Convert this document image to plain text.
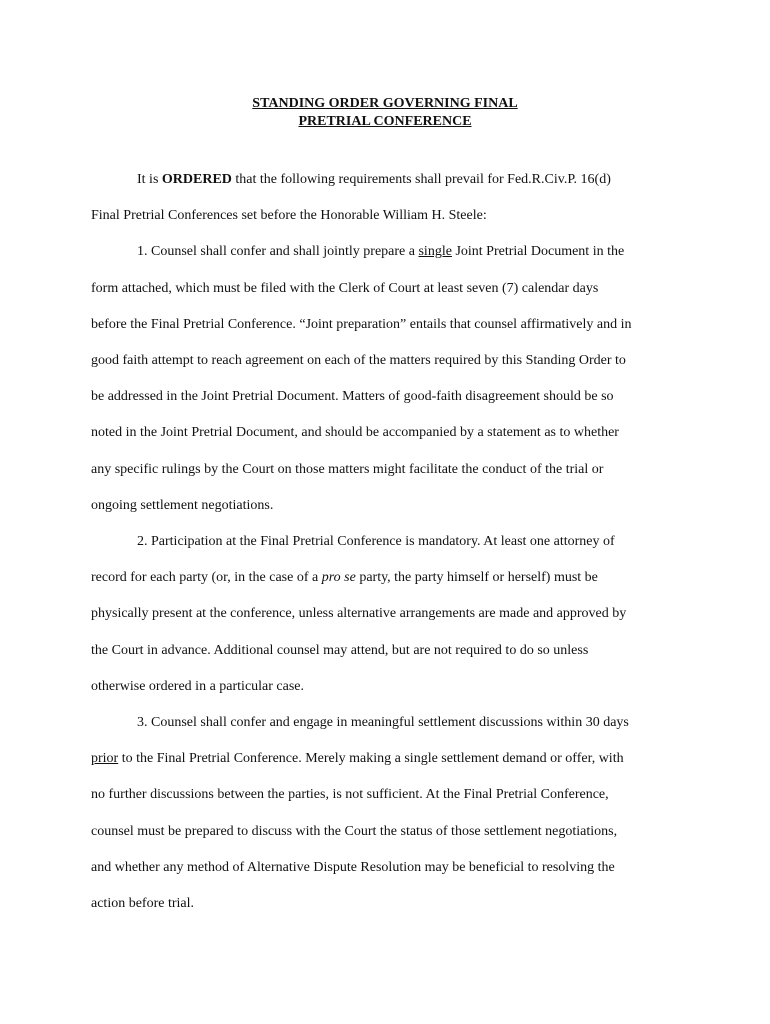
STANDING ORDER GOVERNING FINAL
PRETRIAL CONFERENCE
It is ORDERED that the following requirements shall prevail for Fed.R.Civ.P. 16(d)
Final Pretrial Conferences set before the Honorable William H. Steele:
1. Counsel shall confer and shall jointly prepare a single Joint Pretrial Document in the
form attached, which must be filed with the Clerk of Court at least seven (7) calendar days
before the Final Pretrial Conference. “Joint preparation” entails that counsel affirmatively and in
good faith attempt to reach agreement on each of the matters required by this Standing Order to
be addressed in the Joint Pretrial Document. Matters of good-faith disagreement should be so
noted in the Joint Pretrial Document, and should be accompanied by a statement as to whether
any specific rulings by the Court on those matters might facilitate the conduct of the trial or
ongoing settlement negotiations.
2. Participation at the Final Pretrial Conference is mandatory. At least one attorney of
record for each party (or, in the case of a pro se party, the party himself or herself) must be
physically present at the conference, unless alternative arrangements are made and approved by
the Court in advance. Additional counsel may attend, but are not required to do so unless
otherwise ordered in a particular case.
3. Counsel shall confer and engage in meaningful settlement discussions within 30 days
prior to the Final Pretrial Conference. Merely making a single settlement demand or offer, with
no further discussions between the parties, is not sufficient. At the Final Pretrial Conference,
counsel must be prepared to discuss with the Court the status of those settlement negotiations,
and whether any method of Alternative Dispute Resolution may be beneficial to resolving the
action before trial.
